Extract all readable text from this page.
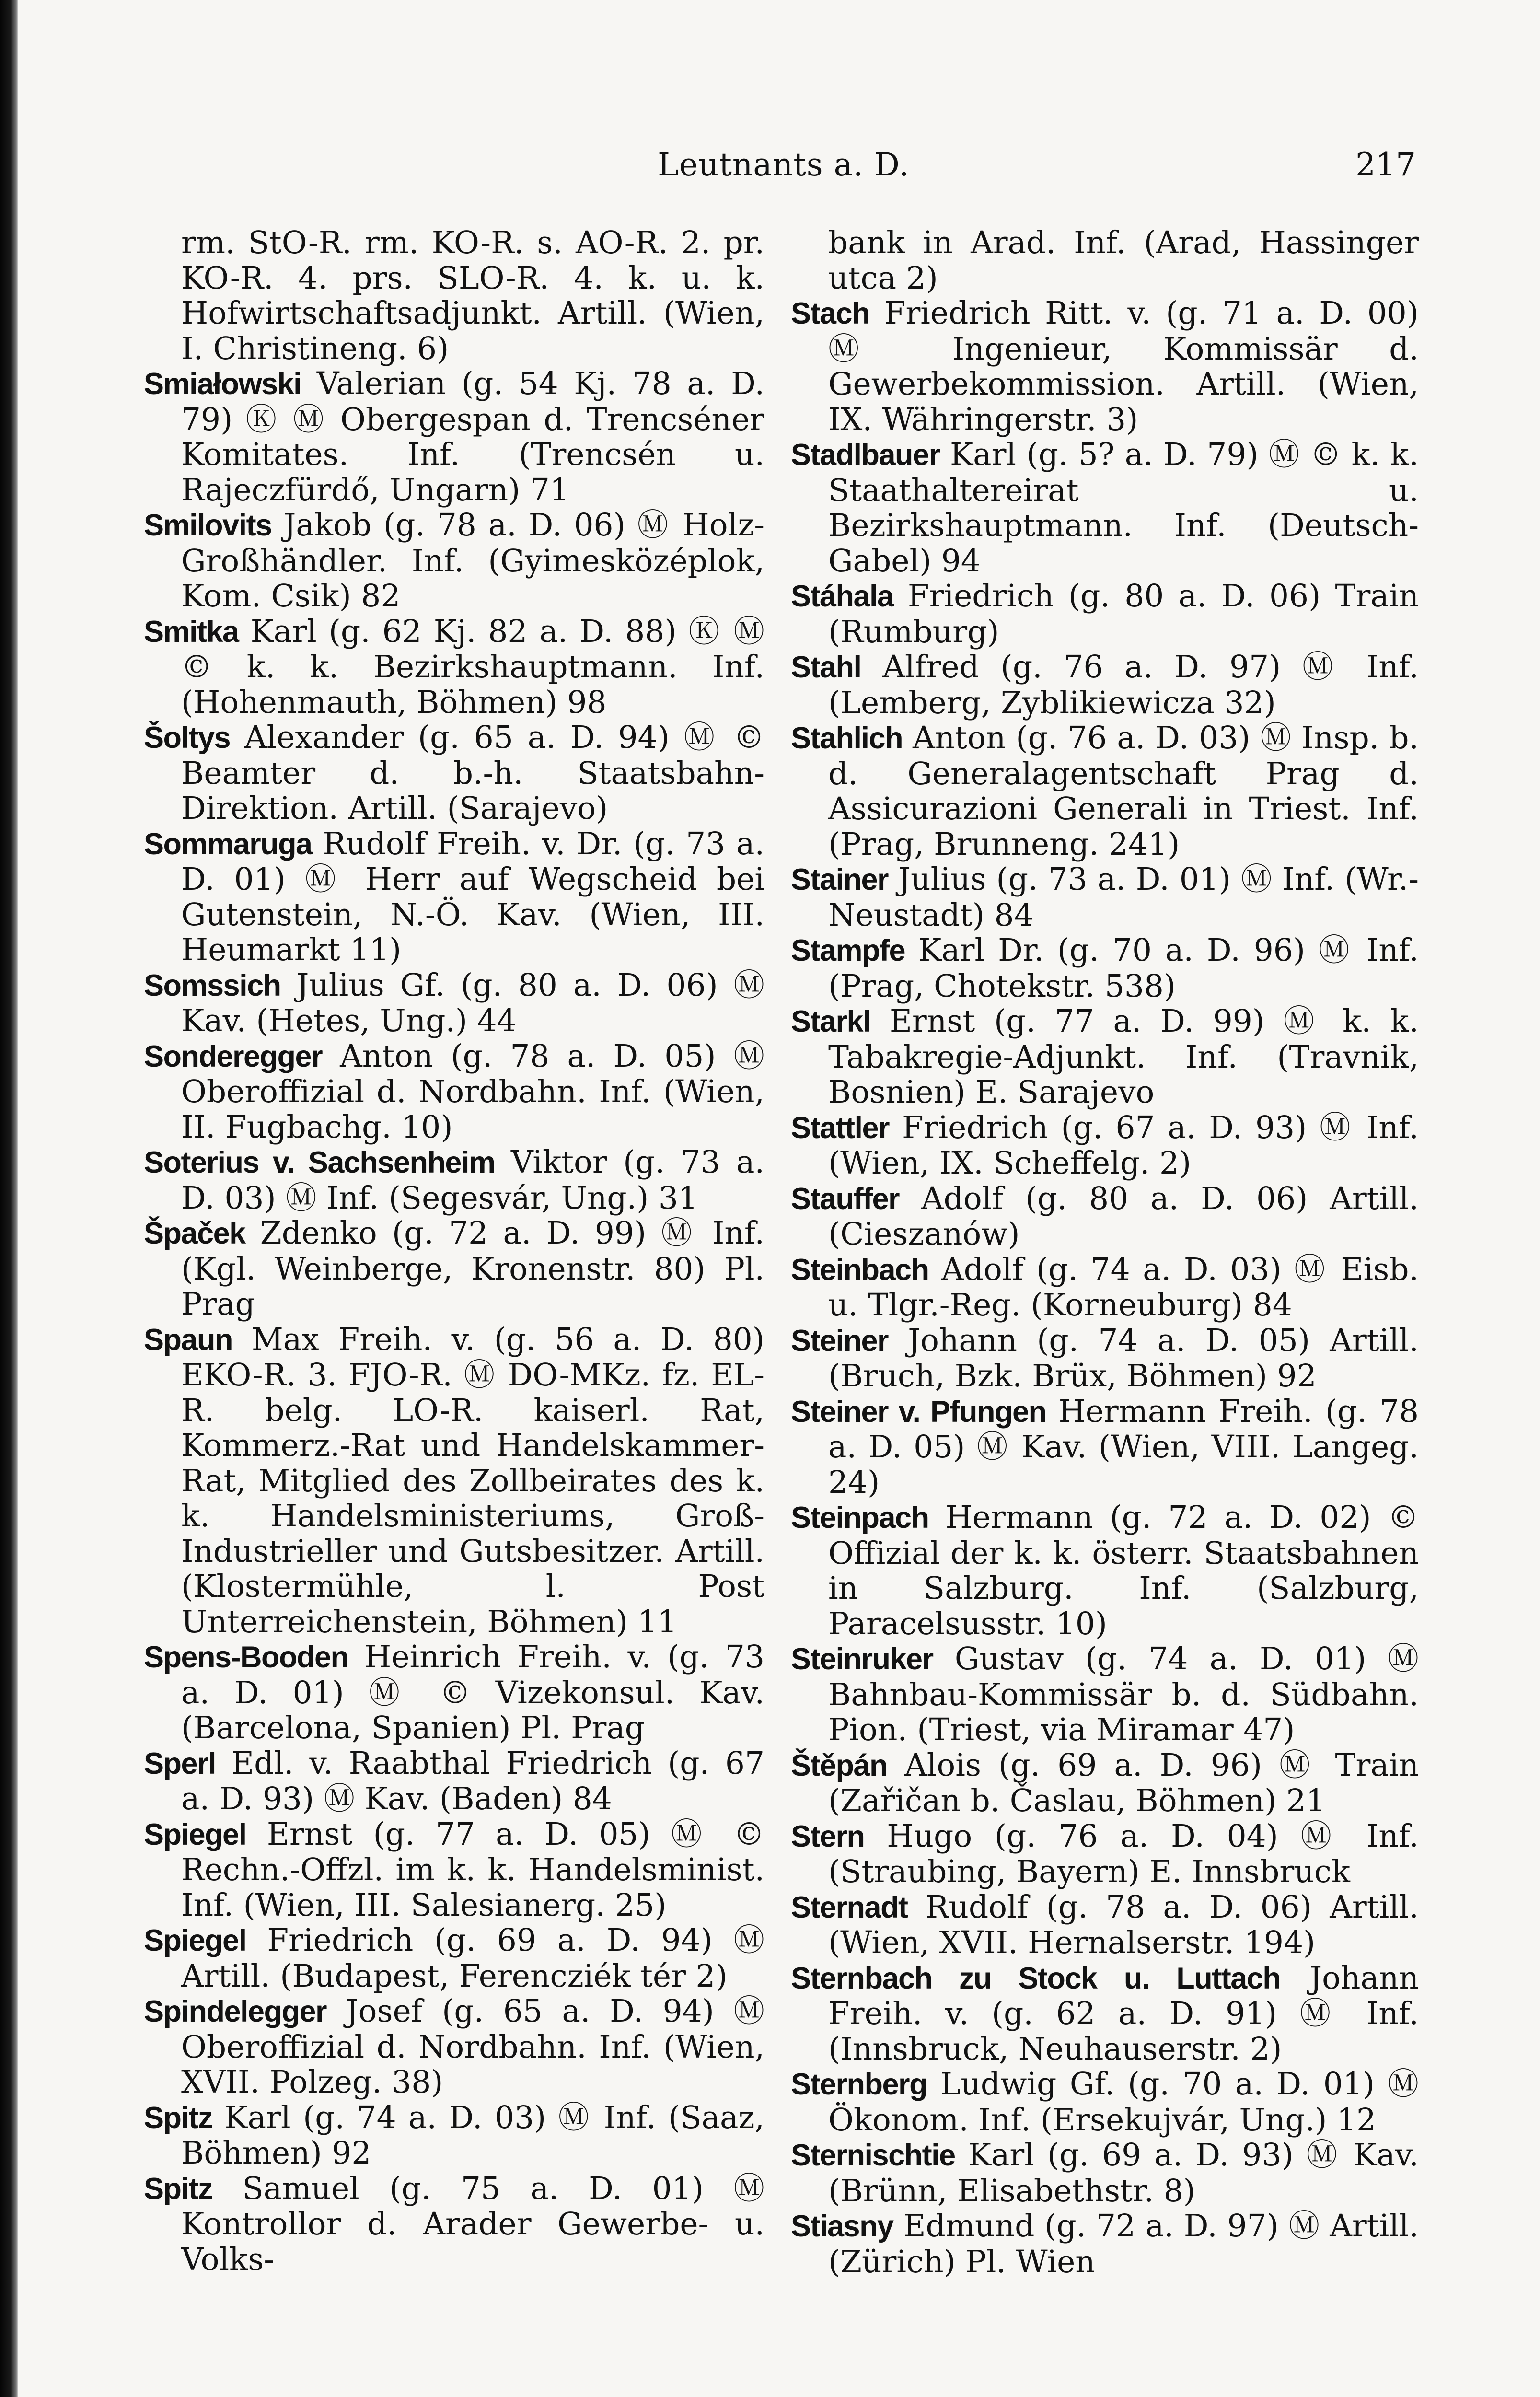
Leutnants a. D.	217

rm. StO-R. rm. KO-R. s. AO-R. 2. pr. KO-R. 4. prs. SLO-R. 4. k. u. k. Hofwirtschaftsadjunkt. Artill. (Wien, I. Christineng. 6)

Smiałowski Valerian (g. 54 Kj. 78 a. D. 79) Ⓚ Ⓜ Obergespan d. Trencséner Komitates. Inf. (Trencsén u. Rajeczfürdő, Ungarn) 71

Smilovits Jakob (g. 78 a. D. 06) Ⓜ Holz-Großhändler. Inf. (Gyimesközéplok, Kom. Csik) 82

Smitka Karl (g. 62 Kj. 82 a. D. 88) Ⓚ Ⓜ © k. k. Bezirkshauptmann. Inf. (Hohenmauth, Böhmen) 98

Šoltys Alexander (g. 65 a. D. 94) Ⓜ © Beamter d. b.-h. Staatsbahn-Direktion. Artill. (Sarajevo)

Sommaruga Rudolf Freih. v. Dr. (g. 73 a. D. 01) Ⓜ Herr auf Wegscheid bei Gutenstein, N.-Ö. Kav. (Wien, III. Heumarkt 11)

Somssich Julius Gf. (g. 80 a. D. 06) Ⓜ Kav. (Hetes, Ung.) 44

Sonderegger Anton (g. 78 a. D. 05) Ⓜ Oberoffizial d. Nordbahn. Inf. (Wien, II. Fugbachg. 10)

Soterius v. Sachsenheim Viktor (g. 73 a. D. 03) Ⓜ Inf. (Segesvár, Ung.) 31

Špaček Zdenko (g. 72 a. D. 99) Ⓜ Inf. (Kgl. Weinberge, Kronenstr. 80) Pl. Prag

Spaun Max Freih. v. (g. 56 a. D. 80) EKO-R. 3. FJO-R. Ⓜ DO-MKz. fz. EL-R. belg. LO-R. kaiserl. Rat, Kommerz.-Rat und Handelskammer-Rat, Mitglied des Zollbeirates des k. k. Handelsministeriums, Groß-Industrieller und Gutsbesitzer. Artill. (Klostermühle, l. Post Unterreichenstein, Böhmen) 11

Spens-Booden Heinrich Freih. v. (g. 73 a. D. 01) Ⓜ © Vizekonsul. Kav. (Barcelona, Spanien) Pl. Prag

Sperl Edl. v. Raabthal Friedrich (g. 67 a. D. 93) Ⓜ Kav. (Baden) 84

Spiegel Ernst (g. 77 a. D. 05) Ⓜ © Rechn.-Offzl. im k. k. Handelsminist. Inf. (Wien, III. Salesianerg. 25)

Spiegel Friedrich (g. 69 a. D. 94) Ⓜ Artill. (Budapest, Ferencziék tér 2)

Spindelegger Josef (g. 65 a. D. 94) Ⓜ Oberoffizial d. Nordbahn. Inf. (Wien, XVII. Polzeg. 38)

Spitz Karl (g. 74 a. D. 03) Ⓜ Inf. (Saaz, Böhmen) 92

Spitz Samuel (g. 75 a. D. 01) Ⓜ Kontrollor d. Arader Gewerbe- u. Volks-

bank in Arad. Inf. (Arad, Hassinger utca 2)

Stach Friedrich Ritt. v. (g. 71 a. D. 00) Ⓜ Ingenieur, Kommissär d. Gewerbekommission. Artill. (Wien, IX. Währingerstr. 3)

Stadlbauer Karl (g. 5? a. D. 79) Ⓜ © k. k. Staathaltereirat u. Bezirkshauptmann. Inf. (Deutsch-Gabel) 94

Stáhala Friedrich (g. 80 a. D. 06) Train (Rumburg)

Stahl Alfred (g. 76 a. D. 97) Ⓜ Inf. (Lemberg, Zyblikiewicza 32)

Stahlich Anton (g. 76 a. D. 03) Ⓜ Insp. b. d. Generalagentschaft Prag d. Assicurazioni Generali in Triest. Inf. (Prag, Brunneng. 241)

Stainer Julius (g. 73 a. D. 01) Ⓜ Inf. (Wr.-Neustadt) 84

Stampfe Karl Dr. (g. 70 a. D. 96) Ⓜ Inf. (Prag, Chotekstr. 538)

Starkl Ernst (g. 77 a. D. 99) Ⓜ k. k. Tabakregie-Adjunkt. Inf. (Travnik, Bosnien) E. Sarajevo

Stattler Friedrich (g. 67 a. D. 93) Ⓜ Inf. (Wien, IX. Scheffelg. 2)

Stauffer Adolf (g. 80 a. D. 06) Artill. (Cieszanów)

Steinbach Adolf (g. 74 a. D. 03) Ⓜ Eisb. u. Tlgr.-Reg. (Korneuburg) 84

Steiner Johann (g. 74 a. D. 05) Artill. (Bruch, Bzk. Brüx, Böhmen) 92

Steiner v. Pfungen Hermann Freih. (g. 78 a. D. 05) Ⓜ Kav. (Wien, VIII. Langeg. 24)

Steinpach Hermann (g. 72 a. D. 02) © Offizial der k. k. österr. Staatsbahnen in Salzburg. Inf. (Salzburg, Paracelsusstr. 10)

Steinruker Gustav (g. 74 a. D. 01) Ⓜ Bahnbau-Kommissär b. d. Südbahn. Pion. (Triest, via Miramar 47)

Štěpán Alois (g. 69 a. D. 96) Ⓜ Train (Zařičan b. Časlau, Böhmen) 21

Stern Hugo (g. 76 a. D. 04) Ⓜ Inf. (Straubing, Bayern) E. Innsbruck

Sternadt Rudolf (g. 78 a. D. 06) Artill. (Wien, XVII. Hernalserstr. 194)

Sternbach zu Stock u. Luttach Johann Freih. v. (g. 62 a. D. 91) Ⓜ Inf. (Innsbruck, Neuhauserstr. 2)

Sternberg Ludwig Gf. (g. 70 a. D. 01) Ⓜ Ökonom. Inf. (Ersekujvár, Ung.) 12

Sternischtie Karl (g. 69 a. D. 93) Ⓜ Kav. (Brünn, Elisabethstr. 8)

Stiasny Edmund (g. 72 a. D. 97) Ⓜ Artill. (Zürich) Pl. Wien
